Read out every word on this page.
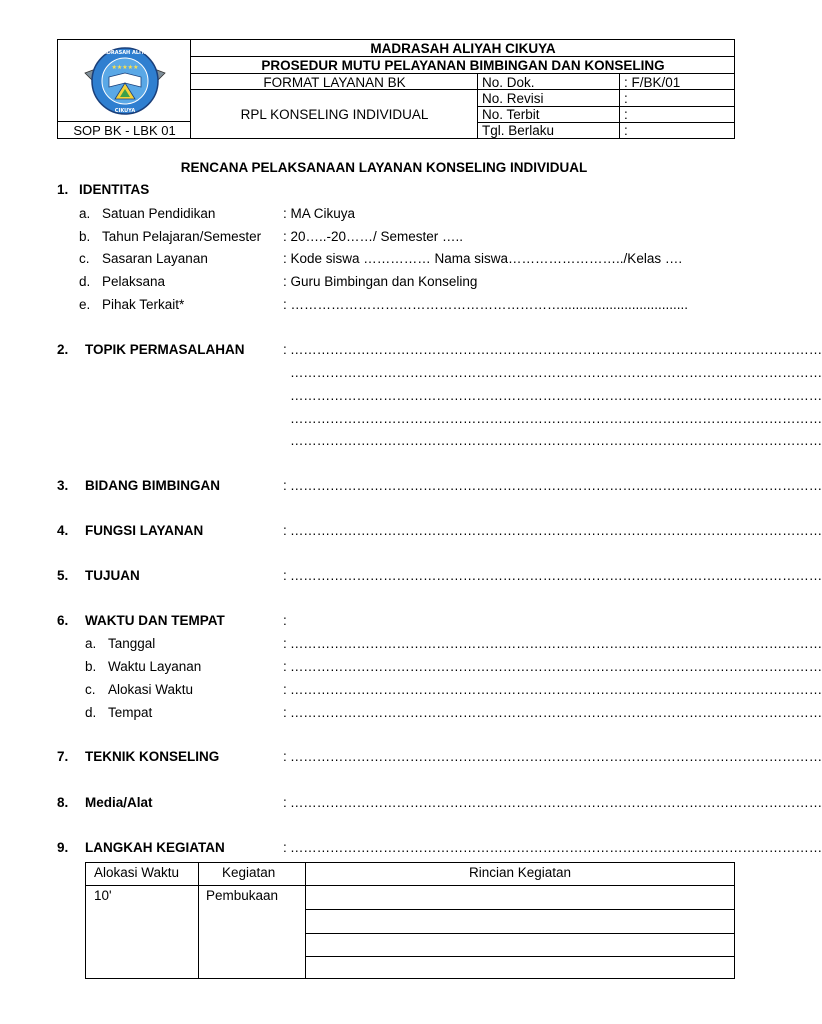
★★★★★
MADRASAH ALIYAH
CIKUYA
SOP BK - LBK 01
MADRASAH ALIYAH CIKUYA
PROSEDUR MUTU PELAYANAN BIMBINGAN DAN KONSELING
FORMAT LAYANAN BK
RPL KONSELING INDIVIDUAL
No. Dok.	: F/BK/01
No. Revisi	:
No. Terbit	:
Tgl. Berlaku	:
RENCANA PELAKSANAAN LAYANAN KONSELING INDIVIDUAL
1. IDENTITAS
a. Satuan Pendidikan	: MA Cikuya
b. Tahun Pelajaran/Semester : 20…..-20……/ Semester …..
c. Sasaran Layanan	: Kode siswa …………… Nama siswa……………………../Kelas ….
d. Pelaksana	: Guru Bimbingan dan Konseling
e. Pihak Terkait*	: ……………………………………………………..................................
2. TOPIK PERMASALAHAN	: …………………………………………………………………………………………………………
…………………………………………………………………………………………………………
…………………………………………………………………………………………………………
…………………………………………………………………………………………………………
…………………………………………………………………………………………………………
3. BIDANG BIMBINGAN	: …………………………………………………………………………………………………………
4. FUNGSI LAYANAN	: …………………………………………………………………………………………………………
5. TUJUAN	: …………………………………………………………………………………………………………
6. WAKTU DAN TEMPAT	:
a. Tanggal	: …………………………………………………………………………………………………………
b. Waktu Layanan	: …………………………………………………………………………………………………………
c. Alokasi Waktu	: …………………………………………………………………………………………………………
d. Tempat	: …………………………………………………………………………………………………………
7. TEKNIK KONSELING	: …………………………………………………………………………………………………………
8. Media/Alat	: …………………………………………………………………………………………………………
9. LANGKAH KEGIATAN	: …………………………………………………………………………………………………………
Alokasi Waktu	Kegiatan	Rincian Kegiatan
10'	Pembukaan
